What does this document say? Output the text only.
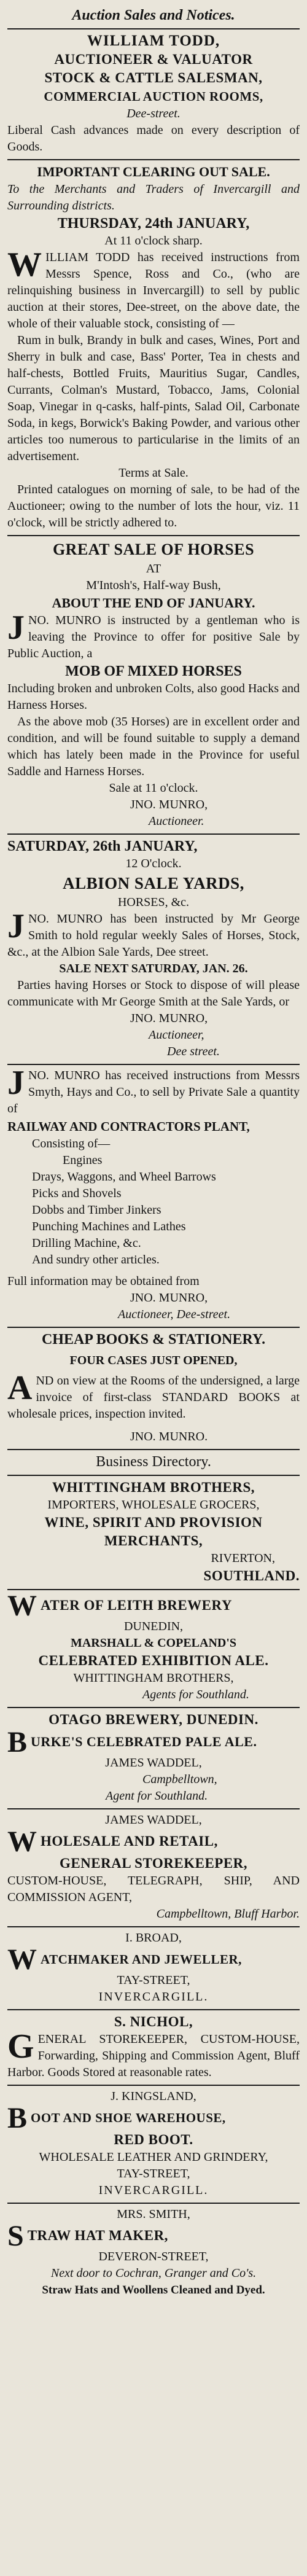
Auction Sales and Notices.
WILLIAM TODD,
AUCTIONEER & VALUATOR
STOCK & CATTLE SALESMAN,
COMMERCIAL AUCTION ROOMS,
Dee-street.
Liberal Cash advances made on every description of Goods.
IMPORTANT CLEARING OUT SALE.
To the Merchants and Traders of Invercargill and Surrounding districts.
THURSDAY, 24th JANUARY,
At 11 o'clock sharp.
W ILLIAM TODD has received instructions from Messrs Spence, Ross and Co., (who are relinquishing business in Invercargill) to sell by public auction at their stores, Dee-street, on the above date, the whole of their valuable stock, consisting of —
Rum in bulk, Brandy in bulk and cases, Wines, Port and Sherry in bulk and case, Bass' Porter, Tea in chests and half-chests, Bottled Fruits, Mauritius Sugar, Candles, Currants, Colman's Mustard, Tobacco, Jams, Colonial Soap, Vinegar in q-casks, half-pints, Salad Oil, Carbonate Soda, in kegs, Borwick's Baking Powder, and various other articles too numerous to particularise in the limits of an advertisement.
Terms at Sale.
Printed catalogues on morning of sale, to be had of the Auctioneer; owing to the number of lots the hour, viz. 11 o'clock, will be strictly adhered to.
GREAT SALE OF HORSES
AT
M'Intosh's, Half-way Bush,
ABOUT THE END OF JANUARY.
J NO. MUNRO is instructed by a gentleman who is leaving the Province to offer for positive Sale by Public Auction, a
MOB OF MIXED HORSES
Including broken and unbroken Colts, also good Hacks and Harness Horses.
As the above mob (35 Horses) are in excellent order and condition, and will be found suitable to supply a demand which has lately been made in the Province for useful Saddle and Harness Horses.
Sale at 11 o'clock.
JNO. MUNRO,
Auctioneer.
SATURDAY, 26th JANUARY,
12 O'clock.
ALBION SALE YARDS,
HORSES, &c.
J NO. MUNRO has been instructed by Mr George Smith to hold regular weekly Sales of Horses, Stock, &c., at the Albion Sale Yards, Dee street.
SALE NEXT SATURDAY, JAN. 26.
Parties having Horses or Stock to dispose of will please communicate with Mr George Smith at the Sale Yards, or
JNO. MUNRO,
Auctioneer,
Dee street.
J NO. MUNRO has received instructions from Messrs Smyth, Hays and Co., to sell by Private Sale a quantity of
RAILWAY AND CONTRACTORS PLANT,
Consisting of—
Engines
Drays, Waggons, and Wheel Barrows
Picks and Shovels
Dobbs and Timber Jinkers
Punching Machines and Lathes
Drilling Machine, &c.
And sundry other articles.
Full information may be obtained from
JNO. MUNRO,
Auctioneer, Dee-street.
CHEAP BOOKS & STATIONERY.
FOUR CASES JUST OPENED,
A ND on view at the Rooms of the undersigned, a large invoice of first-class STANDARD BOOKS at wholesale prices, inspection invited.
JNO. MUNRO.
Business Directory.
WHITTINGHAM BROTHERS,
IMPORTERS, WHOLESALE GROCERS,
WINE, SPIRIT AND PROVISION
MERCHANTS,
RIVERTON,
SOUTHLAND.
W ATER OF LEITH BREWERY
DUNEDIN,
MARSHALL & COPELAND'S
CELEBRATED EXHIBITION ALE.
WHITTINGHAM BROTHERS,
Agents for Southland.
OTAGO BREWERY, DUNEDIN.
B URKE'S CELEBRATED PALE ALE.
JAMES WADDEL,
Campbelltown,
Agent for Southland.
JAMES WADDEL,
W HOLESALE AND RETAIL,
GENERAL STOREKEEPER,
CUSTOM-HOUSE, TELEGRAPH, SHIP, AND COMMISSION AGENT,
Campbelltown, Bluff Harbor.
I. BROAD,
W ATCHMAKER AND JEWELLER,
TAY-STREET,
INVERCARGILL.
S. NICHOL,
G ENERAL STOREKEEPER, CUSTOM-HOUSE, Forwarding, Shipping and Commission Agent, Bluff Harbor. Goods Stored at reasonable rates.
J. KINGSLAND,
B OOT AND SHOE WAREHOUSE,
RED BOOT.
WHOLESALE LEATHER AND GRINDERY,
TAY-STREET,
INVERCARGILL.
MRS. SMITH,
S TRAW HAT MAKER,
DEVERON-STREET,
Next door to Cochran, Granger and Co's.
Straw Hats and Woollens Cleaned and Dyed.
